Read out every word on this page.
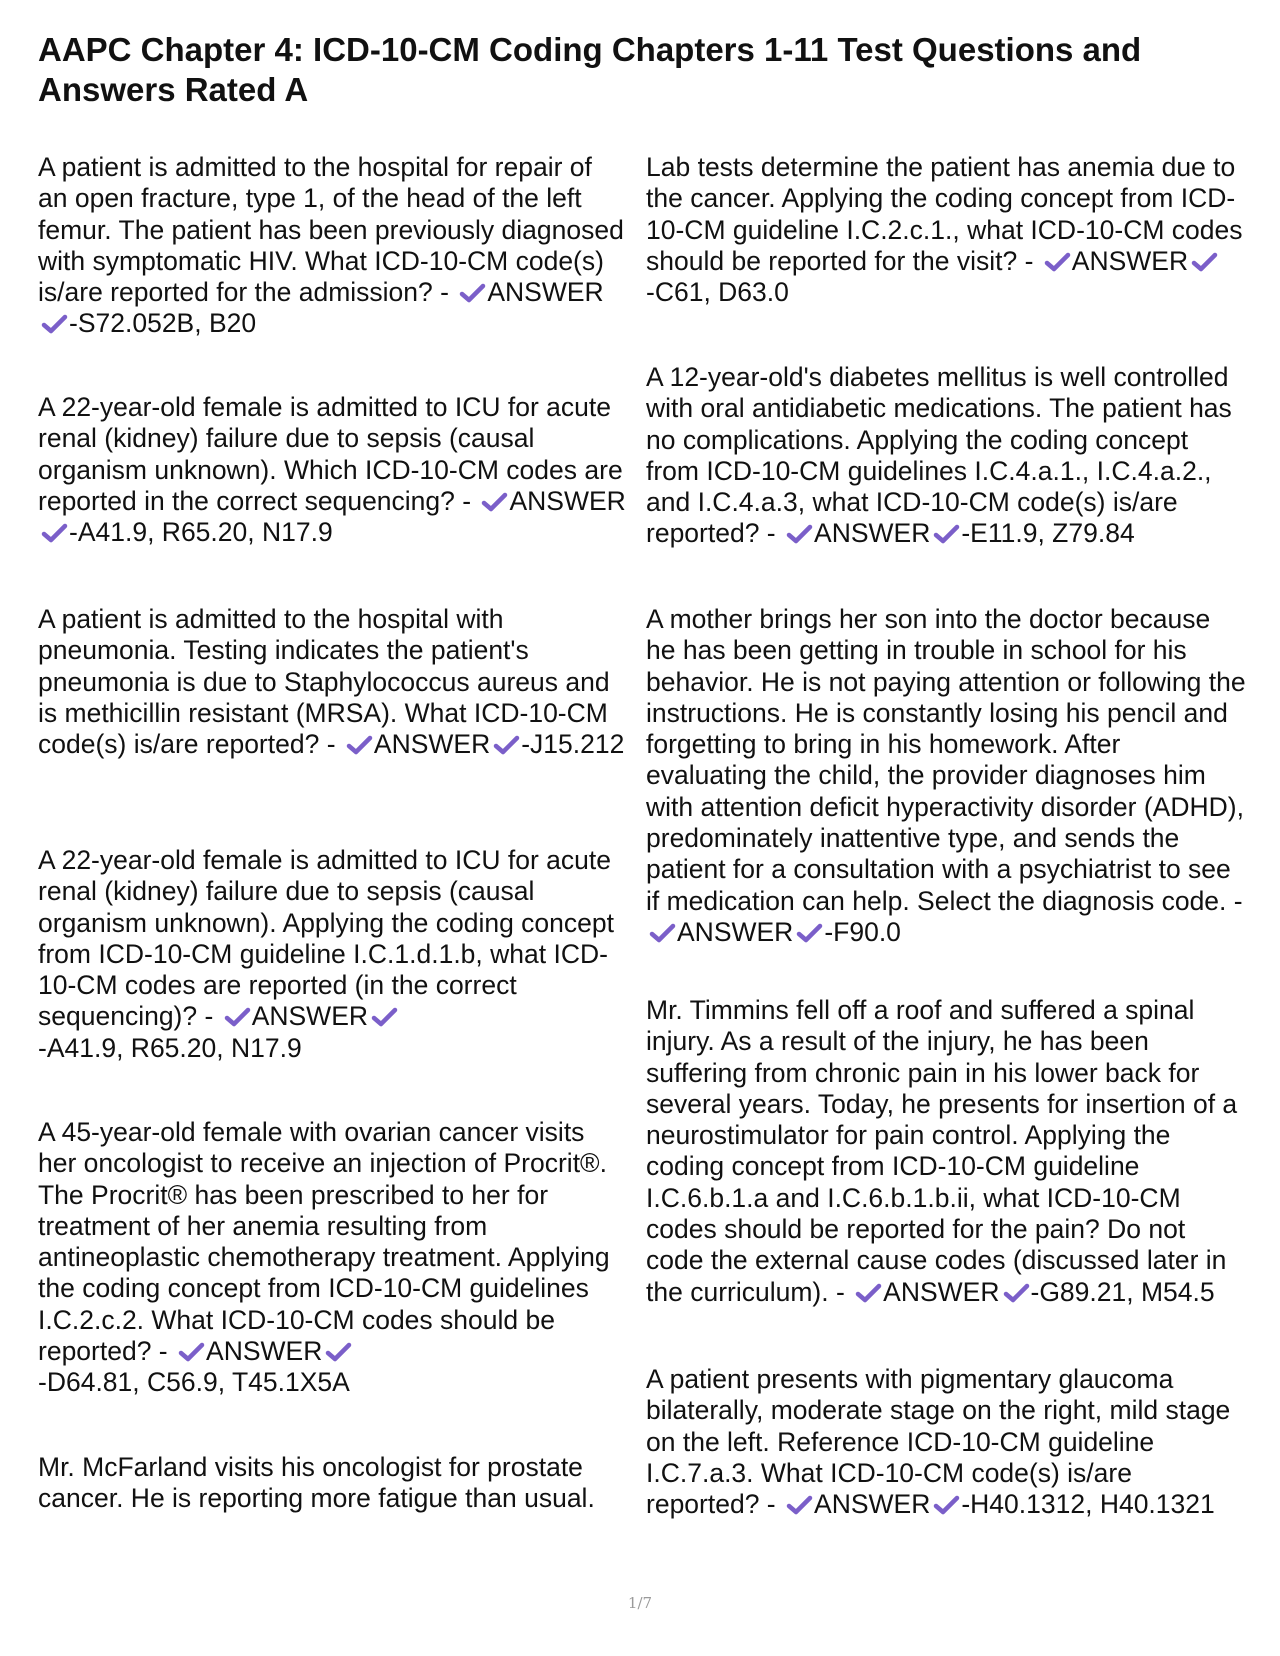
AAPC Chapter 4: ICD-10-CM Coding Chapters 1-11 Test Questions and Answers Rated A

A patient is admitted to the hospital for repair of an open fracture, type 1, of the head of the left femur. The patient has been previously diagnosed with symptomatic HIV. What ICD-10-CM code(s) is/are reported for the admission? - ANSWER
-S72.052B, B20

A 22-year-old female is admitted to ICU for acute renal (kidney) failure due to sepsis (causal organism unknown). Which ICD-10-CM codes are reported in the correct sequencing? - ANSWER
-A41.9, R65.20, N17.9

A patient is admitted to the hospital with pneumonia. Testing indicates the patient's pneumonia is due to Staphylococcus aureus and is methicillin resistant (MRSA). What ICD-10-CM code(s) is/are reported? - ANSWER -J15.212

A 22-year-old female is admitted to ICU for acute renal (kidney) failure due to sepsis (causal organism unknown). Applying the coding concept from ICD-10-CM guideline I.C.1.d.1.b, what ICD-10-CM codes are reported (in the correct sequencing)? - ANSWER
-A41.9, R65.20, N17.9

A 45-year-old female with ovarian cancer visits her oncologist to receive an injection of Procrit®. The Procrit® has been prescribed to her for treatment of her anemia resulting from antineoplastic chemotherapy treatment. Applying the coding concept from ICD-10-CM guidelines I.C.2.c.2. What ICD-10-CM codes should be reported? - ANSWER
-D64.81, C56.9, T45.1X5A

Mr. McFarland visits his oncologist for prostate cancer. He is reporting more fatigue than usual.

Lab tests determine the patient has anemia due to the cancer. Applying the coding concept from ICD-10-CM guideline I.C.2.c.1., what ICD-10-CM codes should be reported for the visit? - ANSWER
-C61, D63.0

A 12-year-old's diabetes mellitus is well controlled with oral antidiabetic medications. The patient has no complications. Applying the coding concept from ICD-10-CM guidelines I.C.4.a.1., I.C.4.a.2., and I.C.4.a.3, what ICD-10-CM code(s) is/are reported? - ANSWER -E11.9, Z79.84

A mother brings her son into the doctor because he has been getting in trouble in school for his behavior. He is not paying attention or following the instructions. He is constantly losing his pencil and forgetting to bring in his homework. After evaluating the child, the provider diagnoses him with attention deficit hyperactivity disorder (ADHD), predominately inattentive type, and sends the patient for a consultation with a psychiatrist to see if medication can help. Select the diagnosis code. -
ANSWER -F90.0

Mr. Timmins fell off a roof and suffered a spinal injury. As a result of the injury, he has been suffering from chronic pain in his lower back for several years. Today, he presents for insertion of a neurostimulator for pain control. Applying the coding concept from ICD-10-CM guideline I.C.6.b.1.a and I.C.6.b.1.b.ii, what ICD-10-CM codes should be reported for the pain? Do not code the external cause codes (discussed later in the curriculum). - ANSWER -G89.21, M54.5

A patient presents with pigmentary glaucoma bilaterally, moderate stage on the right, mild stage on the left. Reference ICD-10-CM guideline I.C.7.a.3. What ICD-10-CM code(s) is/are reported? - ANSWER -H40.1312, H40.1321

1/7
